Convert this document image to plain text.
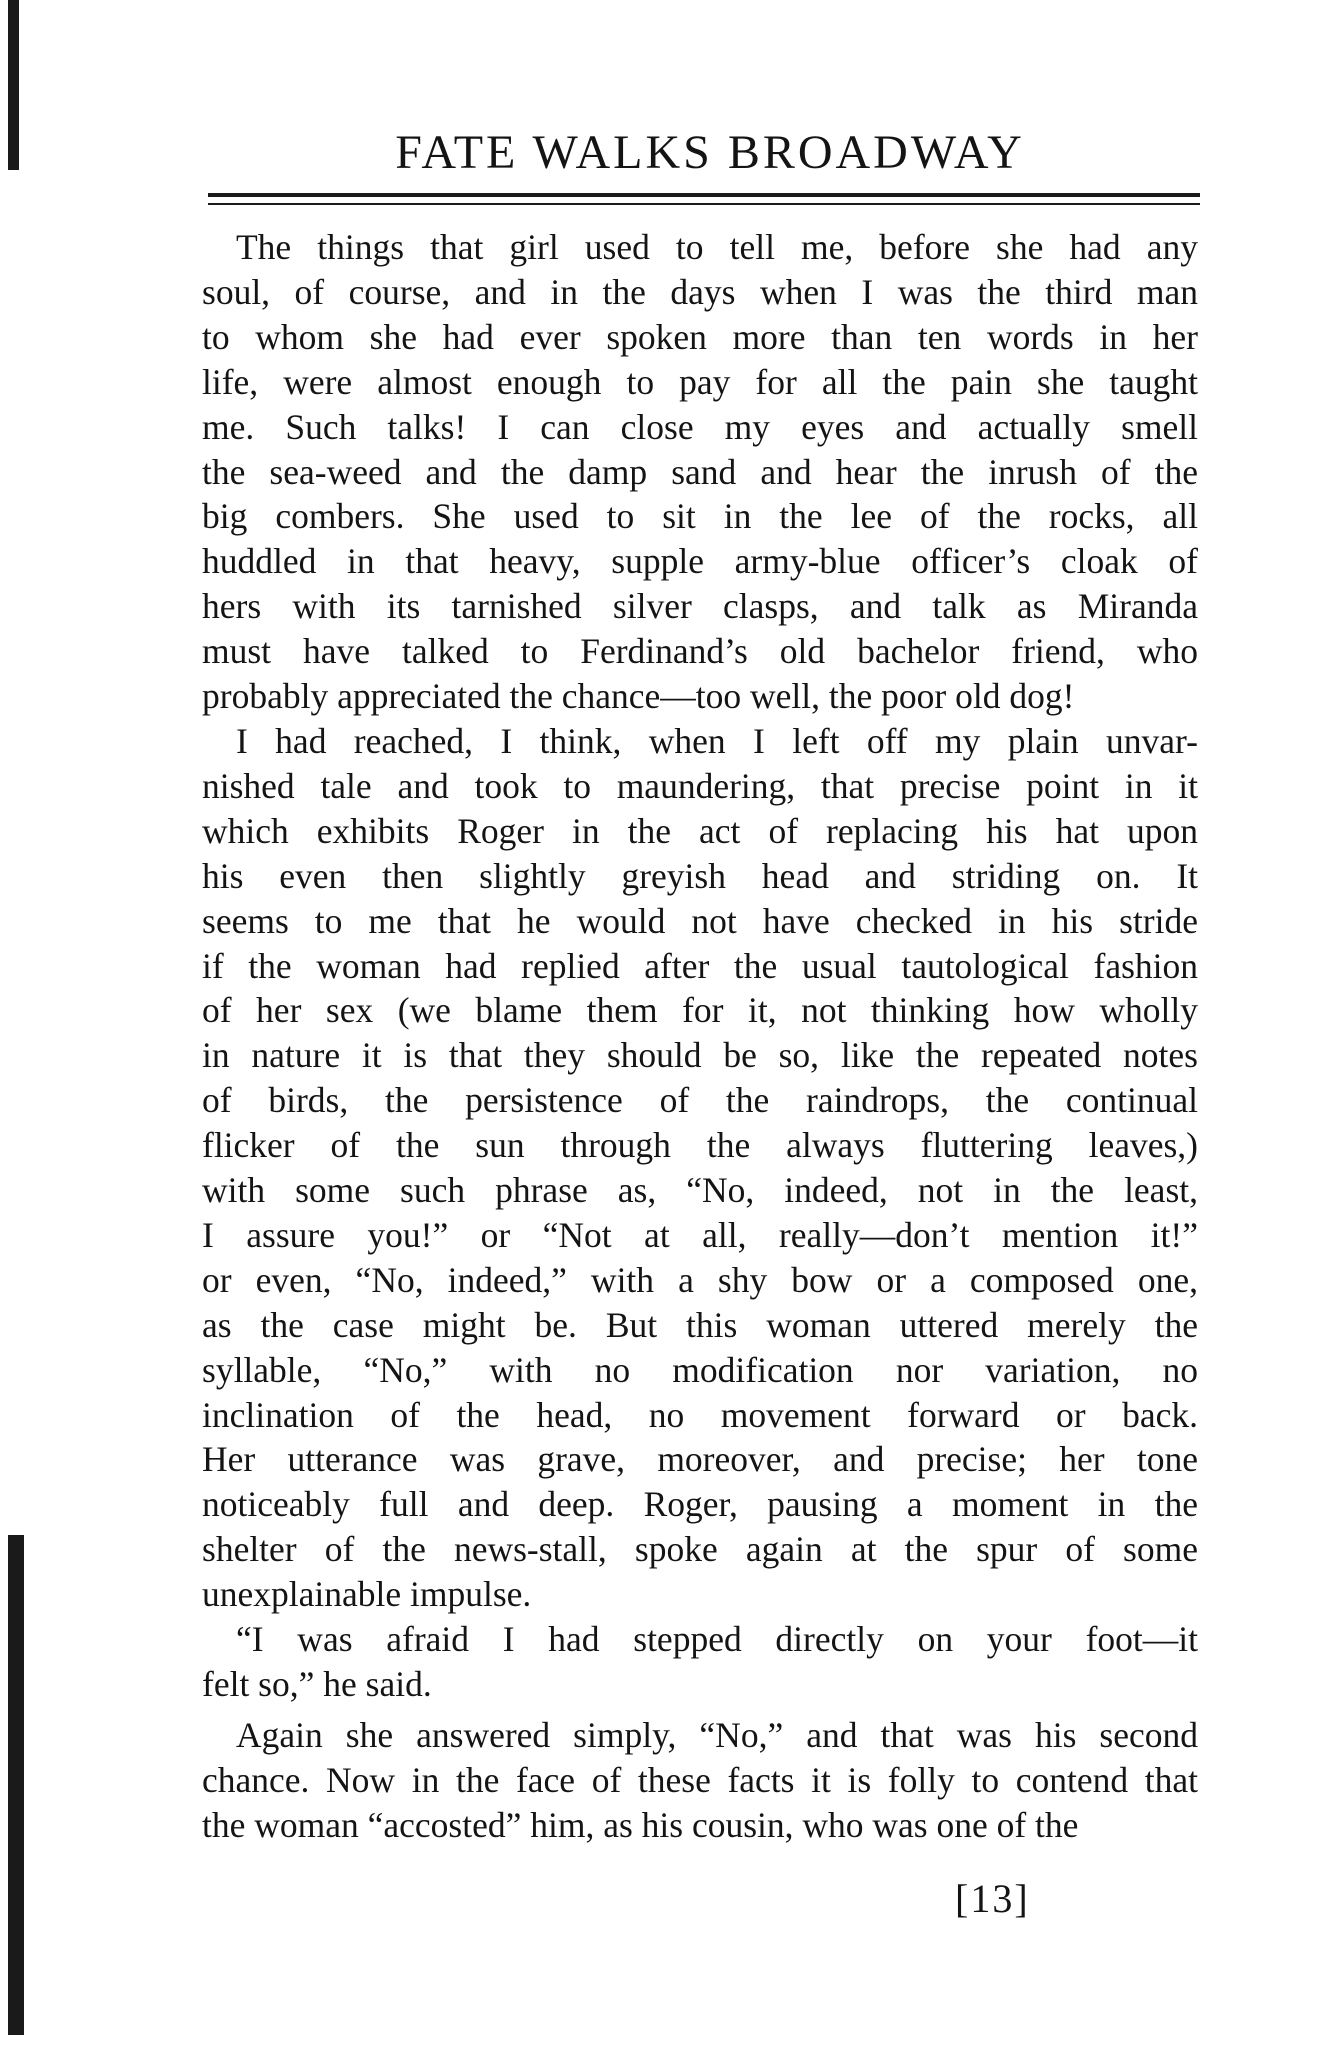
FATE WALKS BROADWAY
The things that girl used to tell me, before she had any
soul, of course, and in the days when I was the third man
to whom she had ever spoken more than ten words in her
life, were almost enough to pay for all the pain she taught
me. Such talks! I can close my eyes and actually smell
the sea-weed and the damp sand and hear the inrush of the
big combers. She used to sit in the lee of the rocks, all
huddled in that heavy, supple army-blue officer’s cloak of
hers with its tarnished silver clasps, and talk as Miranda
must have talked to Ferdinand’s old bachelor friend, who
probably appreciated the chance—too well, the poor old dog!
I had reached, I think, when I left off my plain unvar-
nished tale and took to maundering, that precise point in it
which exhibits Roger in the act of replacing his hat upon
his even then slightly greyish head and striding on. It
seems to me that he would not have checked in his stride
if the woman had replied after the usual tautological fashion
of her sex (we blame them for it, not thinking how wholly
in nature it is that they should be so, like the repeated notes
of birds, the persistence of the raindrops, the continual
flicker of the sun through the always fluttering leaves,)
with some such phrase as, “No, indeed, not in the least,
I assure you!” or “Not at all, really—don’t mention it!”
or even, “No, indeed,” with a shy bow or a composed one,
as the case might be. But this woman uttered merely the
syllable, “No,” with no modification nor variation, no
inclination of the head, no movement forward or back.
Her utterance was grave, moreover, and precise; her tone
noticeably full and deep. Roger, pausing a moment in the
shelter of the news-stall, spoke again at the spur of some
unexplainable impulse.
“I was afraid I had stepped directly on your foot—it
felt so,” he said.
Again she answered simply, “No,” and that was his second
chance. Now in the face of these facts it is folly to contend that
the woman “accosted” him, as his cousin, who was one of the
[13]
